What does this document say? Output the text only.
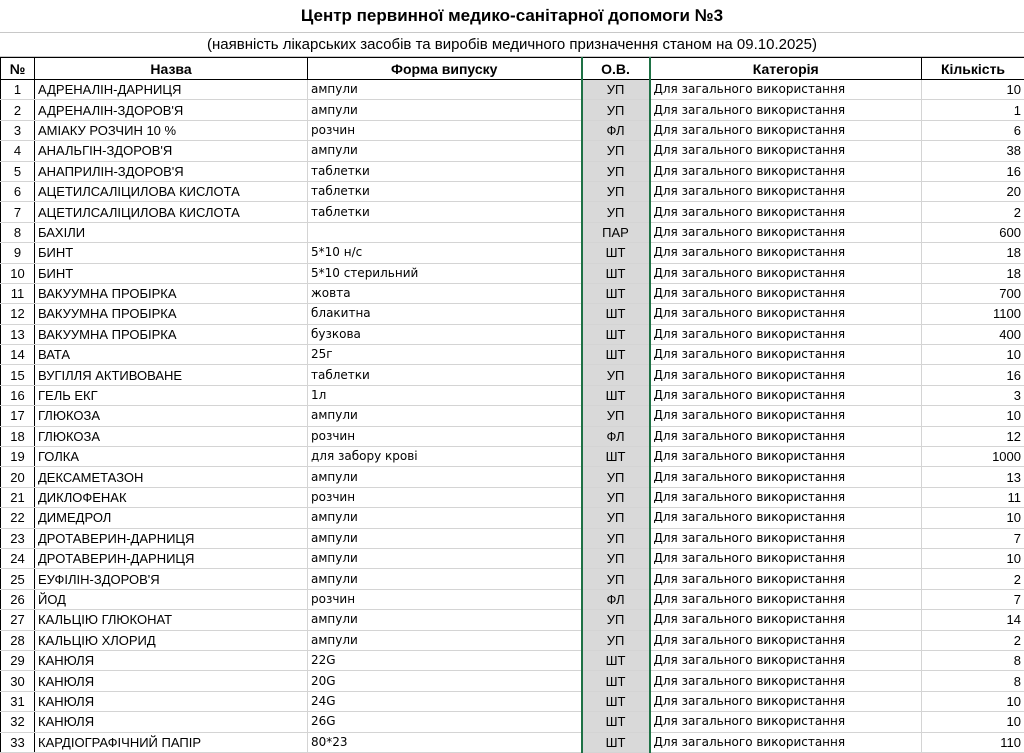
Центр первинної медико-санітарної допомоги №3
(наявність лікарських засобів та виробів медичного призначення станом на 09.10.2025)
№	Назва	Форма випуску	О.В.	Категорія	Кількість
1	АДРЕНАЛІН-ДАРНИЦЯ	ампули	УП	Для загального використання	10
2	АДРЕНАЛІН-ЗДОРОВ'Я	ампули	УП	Для загального використання	1
3	АМІАКУ РОЗЧИН 10 %	розчин	ФЛ	Для загального використання	6
4	АНАЛЬГІН-ЗДОРОВ'Я	ампули	УП	Для загального використання	38
5	АНАПРИЛІН-ЗДОРОВ'Я	таблетки	УП	Для загального використання	16
6	АЦЕТИЛСАЛІЦИЛОВА КИСЛОТА	таблетки	УП	Для загального використання	20
7	АЦЕТИЛСАЛІЦИЛОВА КИСЛОТА	таблетки	УП	Для загального використання	2
8	БАХІЛИ		ПАР	Для загального використання	600
9	БИНТ	5*10 н/с	ШТ	Для загального використання	18
10	БИНТ	5*10 стерильний	ШТ	Для загального використання	18
11	ВАКУУМНА ПРОБІРКА	жовта	ШТ	Для загального використання	700
12	ВАКУУМНА ПРОБІРКА	блакитна	ШТ	Для загального використання	1100
13	ВАКУУМНА ПРОБІРКА	бузкова	ШТ	Для загального використання	400
14	ВАТА	25г	ШТ	Для загального використання	10
15	ВУГІЛЛЯ АКТИВОВАНЕ	таблетки	УП	Для загального використання	16
16	ГЕЛЬ ЕКГ	1л	ШТ	Для загального використання	3
17	ГЛЮКОЗА	ампули	УП	Для загального використання	10
18	ГЛЮКОЗА	розчин	ФЛ	Для загального використання	12
19	ГОЛКА	для забору крові	ШТ	Для загального використання	1000
20	ДЕКСАМЕТАЗОН	ампули	УП	Для загального використання	13
21	ДИКЛОФЕНАК	розчин	УП	Для загального використання	11
22	ДИМЕДРОЛ	ампули	УП	Для загального використання	10
23	ДРОТАВЕРИН-ДАРНИЦЯ	ампули	УП	Для загального використання	7
24	ДРОТАВЕРИН-ДАРНИЦЯ	ампули	УП	Для загального використання	10
25	ЕУФІЛІН-ЗДОРОВ'Я	ампули	УП	Для загального використання	2
26	ЙОД	розчин	ФЛ	Для загального використання	7
27	КАЛЬЦІЮ ГЛЮКОНАТ	ампули	УП	Для загального використання	14
28	КАЛЬЦІЮ ХЛОРИД	ампули	УП	Для загального використання	2
29	КАНЮЛЯ	22G	ШТ	Для загального використання	8
30	КАНЮЛЯ	20G	ШТ	Для загального використання	8
31	КАНЮЛЯ	24G	ШТ	Для загального використання	10
32	КАНЮЛЯ	26G	ШТ	Для загального використання	10
33	КАРДІОГРАФІЧНИЙ ПАПІР	80*23	ШТ	Для загального використання	110
